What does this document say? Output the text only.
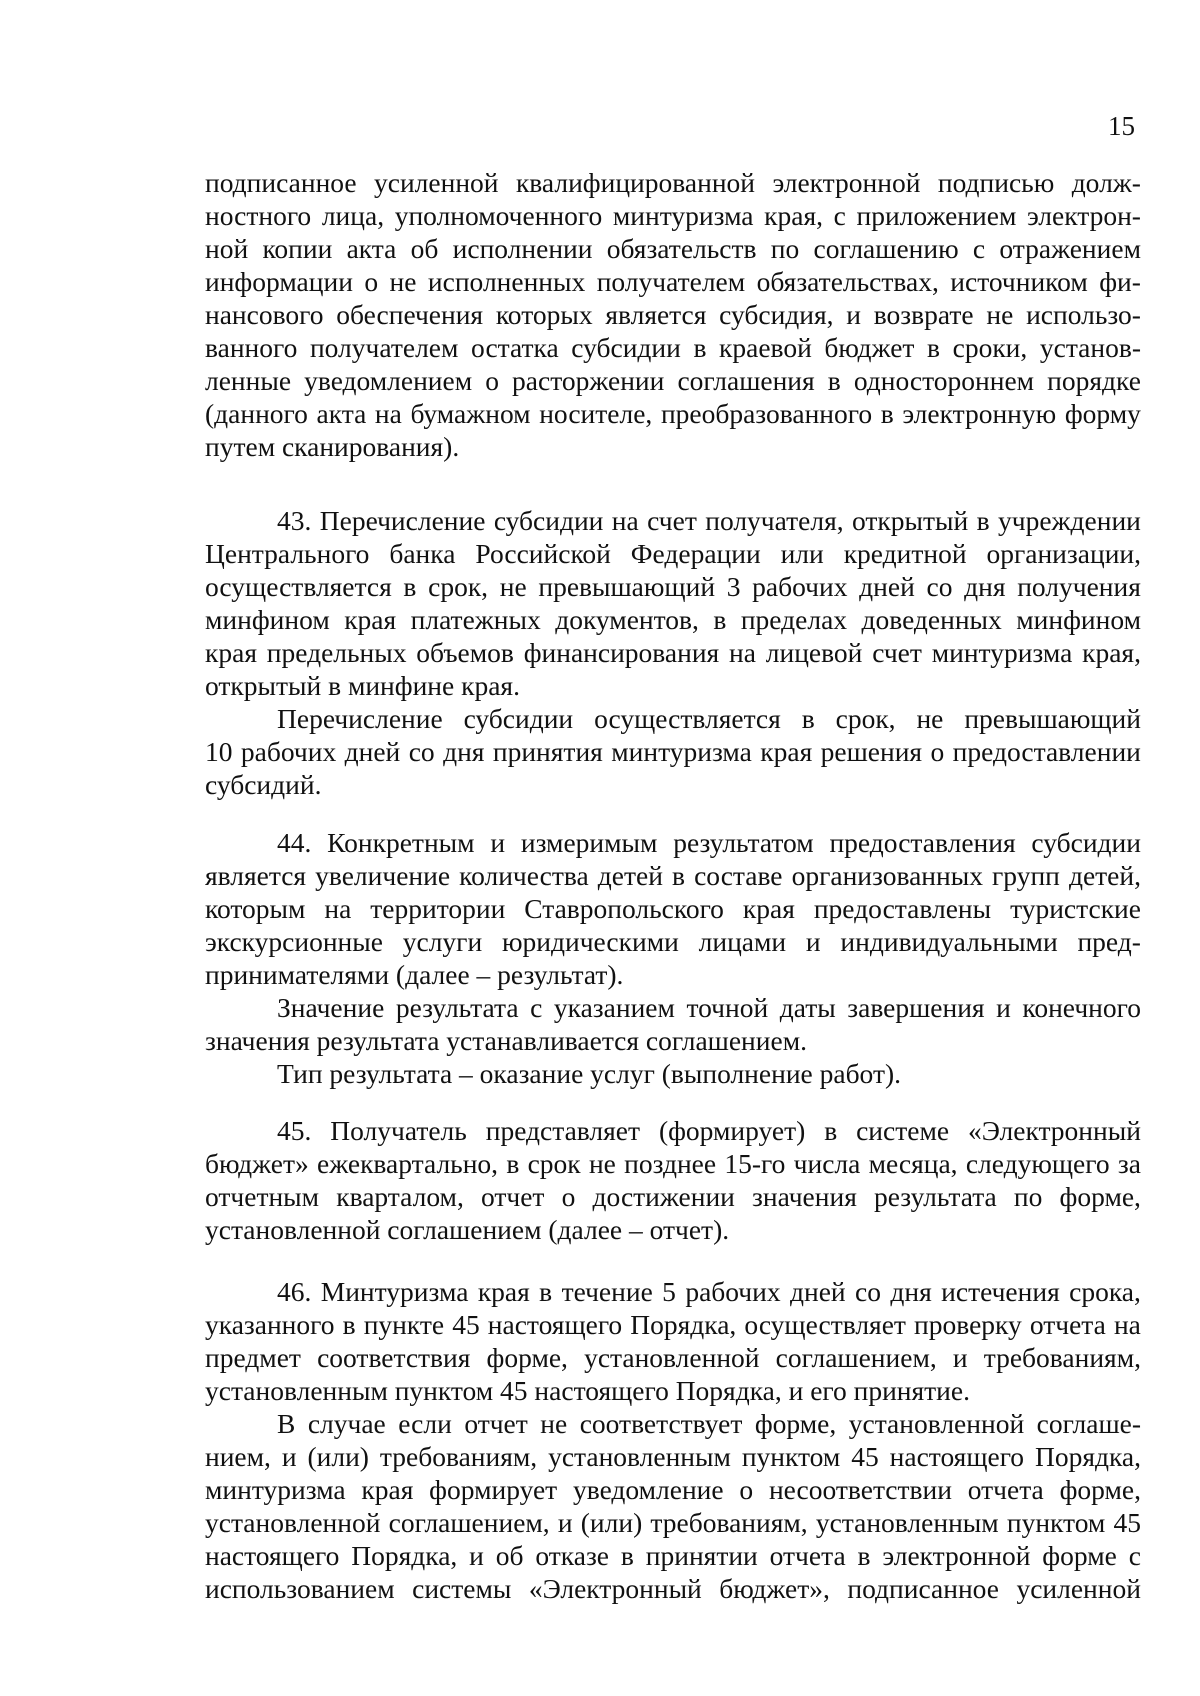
15
подписанное усиленной квалифицированной электронной подписью долж-
ностного лица, уполномоченного минтуризма края, с приложением электрон-
ной копии акта об исполнении обязательств по соглашению с отражением
информации о не исполненных получателем обязательствах, источником фи-
нансового обеспечения которых является субсидия, и возврате не использо-
ванного получателем остатка субсидии в краевой бюджет в сроки, установ-
ленные уведомлением о расторжении соглашения в одностороннем порядке
(данного акта на бумажном носителе, преобразованного в электронную форму
путем сканирования).
43. Перечисление субсидии на счет получателя, открытый в учреждении
Центрального банка Российской Федерации или кредитной организации,
осуществляется в срок, не превышающий 3 рабочих дней со дня получения
минфином края платежных документов, в пределах доведенных минфином
края предельных объемов финансирования на лицевой счет минтуризма края,
открытый в минфине края.
Перечисление субсидии осуществляется в срок, не превышающий
10 рабочих дней со дня принятия минтуризма края решения о предоставлении
субсидий.
44. Конкретным и измеримым результатом предоставления субсидии
является увеличение количества детей в составе организованных групп детей,
которым на территории Ставропольского края предоставлены туристские
экскурсионные услуги юридическими лицами и индивидуальными пред-
принимателями (далее – результат).
Значение результата с указанием точной даты завершения и конечного
значения результата устанавливается соглашением.
Тип результата – оказание услуг (выполнение работ).
45. Получатель представляет (формирует) в системе «Электронный
бюджет» ежеквартально, в срок не позднее 15-го числа месяца, следующего за
отчетным кварталом, отчет о достижении значения результата по форме,
установленной соглашением (далее – отчет).
46. Минтуризма края в течение 5 рабочих дней со дня истечения срока,
указанного в пункте 45 настоящего Порядка, осуществляет проверку отчета на
предмет соответствия форме, установленной соглашением, и требованиям,
установленным пунктом 45 настоящего Порядка, и его принятие.
В случае если отчет не соответствует форме, установленной соглаше-
нием, и (или) требованиям, установленным пунктом 45 настоящего Порядка,
минтуризма края формирует уведомление о несоответствии отчета форме,
установленной соглашением, и (или) требованиям, установленным пунктом 45
настоящего Порядка, и об отказе в принятии отчета в электронной форме с
использованием системы «Электронный бюджет», подписанное усиленной
